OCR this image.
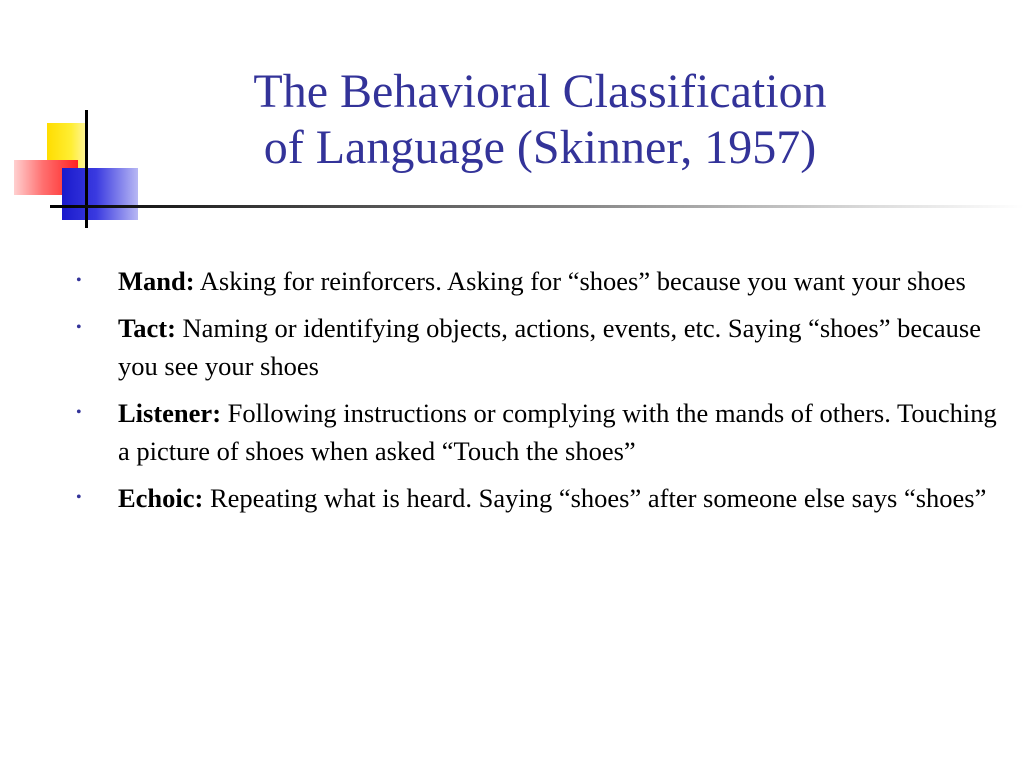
The Behavioral Classification
of Language (Skinner, 1957)
• Mand: Asking for reinforcers. Asking for “shoes” because you want your shoes
• Tact: Naming or identifying objects, actions, events, etc. Saying “shoes” because you see your shoes
• Listener: Following instructions or complying with the mands of others. Touching a picture of shoes when asked “Touch the shoes”
• Echoic: Repeating what is heard. Saying “shoes” after someone else says “shoes”
